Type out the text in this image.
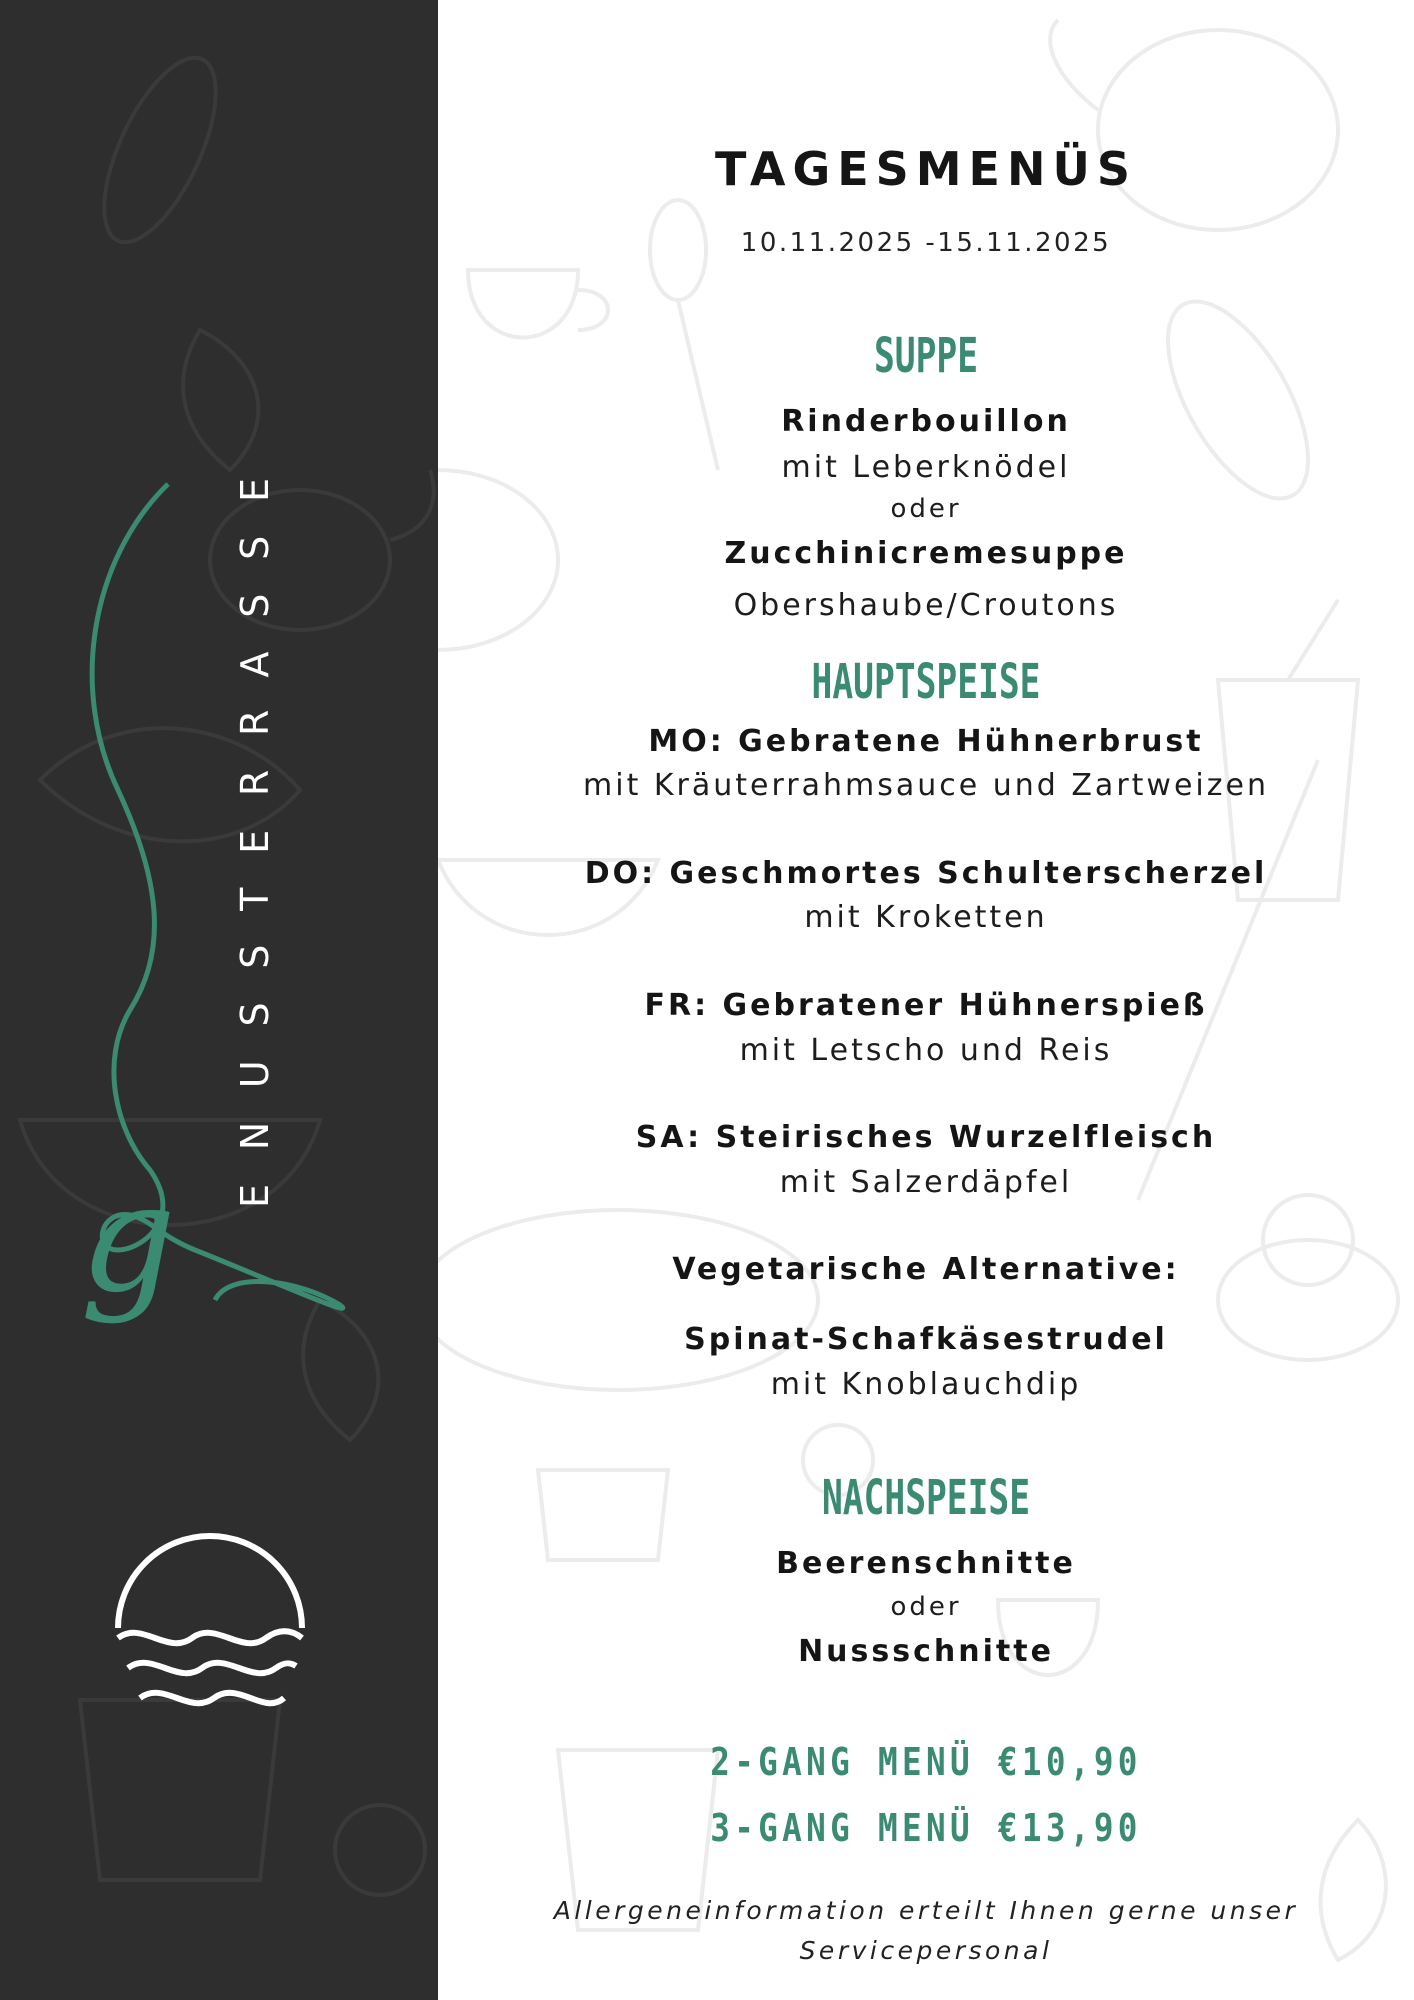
g ENUSSTERRASSE
TAGESMENÜS
10.11.2025 -15.11.2025
SUPPE
Rinderbouillon
mit Leberknödel
oder
Zucchinicremesuppe
Obershaube/Croutons
HAUPTSPEISE
MO: Gebratene Hühnerbrust
mit Kräuterrahmsauce und Zartweizen
DO: Geschmortes Schulterscherzel
mit Kroketten
FR: Gebratener Hühnerspieß
mit Letscho und Reis
SA: Steirisches Wurzelfleisch
mit Salzerdäpfel
Vegetarische Alternative:
Spinat-Schafkäsestrudel
mit Knoblauchdip
NACHSPEISE
Beerenschnitte
oder
Nussschnitte
2-GANG MENÜ €10,90
3-GANG MENÜ €13,90
Allergeneinformation erteilt Ihnen gerne unser
Servicepersonal
